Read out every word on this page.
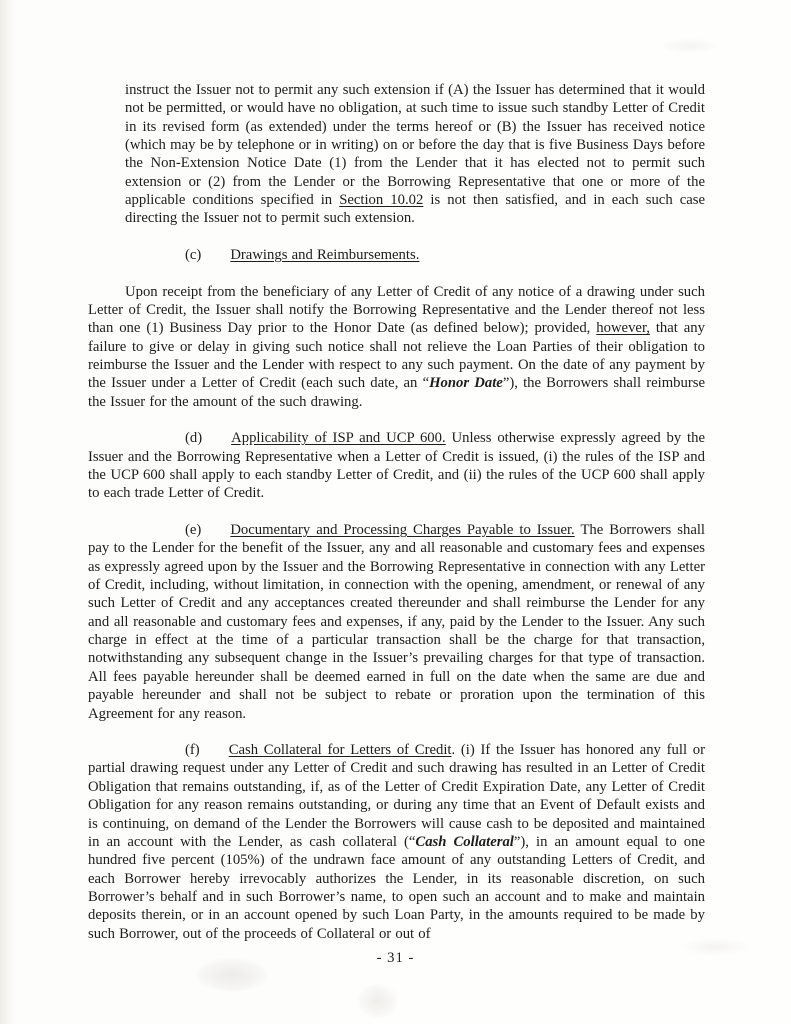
instruct the Issuer not to permit any such extension if (A) the Issuer has determined that it would not be permitted, or would have no obligation, at such time to issue such standby Letter of Credit in its revised form (as extended) under the terms hereof or (B) the Issuer has received notice (which may be by telephone or in writing) on or before the day that is five Business Days before the Non-Extension Notice Date (1) from the Lender that it has elected not to permit such extension or (2) from the Lender or the Borrowing Representative that one or more of the applicable conditions specified in Section 10.02 is not then satisfied, and in each such case directing the Issuer not to permit such extension.

(c) Drawings and Reimbursements.

Upon receipt from the beneficiary of any Letter of Credit of any notice of a drawing under such Letter of Credit, the Issuer shall notify the Borrowing Representative and the Lender thereof not less than one (1) Business Day prior to the Honor Date (as defined below); provided, however, that any failure to give or delay in giving such notice shall not relieve the Loan Parties of their obligation to reimburse the Issuer and the Lender with respect to any such payment. On the date of any payment by the Issuer under a Letter of Credit (each such date, an “Honor Date”), the Borrowers shall reimburse the Issuer for the amount of the such drawing.

(d) Applicability of ISP and UCP 600. Unless otherwise expressly agreed by the Issuer and the Borrowing Representative when a Letter of Credit is issued, (i) the rules of the ISP and the UCP 600 shall apply to each standby Letter of Credit, and (ii) the rules of the UCP 600 shall apply to each trade Letter of Credit.

(e) Documentary and Processing Charges Payable to Issuer. The Borrowers shall pay to the Lender for the benefit of the Issuer, any and all reasonable and customary fees and expenses as expressly agreed upon by the Issuer and the Borrowing Representative in connection with any Letter of Credit, including, without limitation, in connection with the opening, amendment, or renewal of any such Letter of Credit and any acceptances created thereunder and shall reimburse the Lender for any and all reasonable and customary fees and expenses, if any, paid by the Lender to the Issuer. Any such charge in effect at the time of a particular transaction shall be the charge for that transaction, notwithstanding any subsequent change in the Issuer’s prevailing charges for that type of transaction. All fees payable hereunder shall be deemed earned in full on the date when the same are due and payable hereunder and shall not be subject to rebate or proration upon the termination of this Agreement for any reason.

(f) Cash Collateral for Letters of Credit. (i) If the Issuer has honored any full or partial drawing request under any Letter of Credit and such drawing has resulted in an Letter of Credit Obligation that remains outstanding, if, as of the Letter of Credit Expiration Date, any Letter of Credit Obligation for any reason remains outstanding, or during any time that an Event of Default exists and is continuing, on demand of the Lender the Borrowers will cause cash to be deposited and maintained in an account with the Lender, as cash collateral (“Cash Collateral”), in an amount equal to one hundred five percent (105%) of the undrawn face amount of any outstanding Letters of Credit, and each Borrower hereby irrevocably authorizes the Lender, in its reasonable discretion, on such Borrower’s behalf and in such Borrower’s name, to open such an account and to make and maintain deposits therein, or in an account opened by such Loan Party, in the amounts required to be made by such Borrower, out of the proceeds of Collateral or out of

- 31 -
